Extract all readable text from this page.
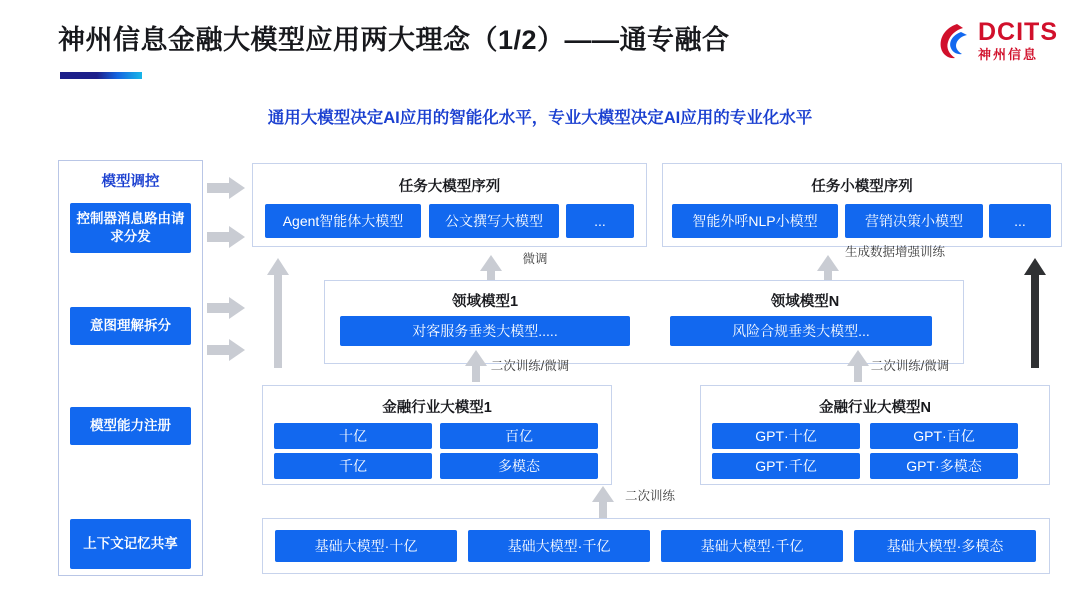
神州信息金融大模型应用两大理念（1/2）——通专融合	DCITS
神州信息
通用大模型决定AI应用的智能化水平，专业大模型决定AI应用的专业化水平
模型调控
控制器消息路由请求分发
意图理解拆分
模型能力注册
上下文记忆共享
任务大模型序列
Agent智能体大模型	公文撰写大模型	...
任务小模型序列
智能外呼NLP小模型	营销决策小模型	...
微调	生成数据增强训练
领域模型1
对客服务垂类大模型.....
领域模型N
风险合规垂类大模型...
二次训练/微调	二次训练/微调
金融行业大模型1
十亿	百亿
千亿	多模态
金融行业大模型N
GPT·十亿	GPT·百亿
GPT·千亿	GPT·多模态
二次训练
基础大模型·十亿	基础大模型·千亿	基础大模型·千亿	基础大模型·多模态
